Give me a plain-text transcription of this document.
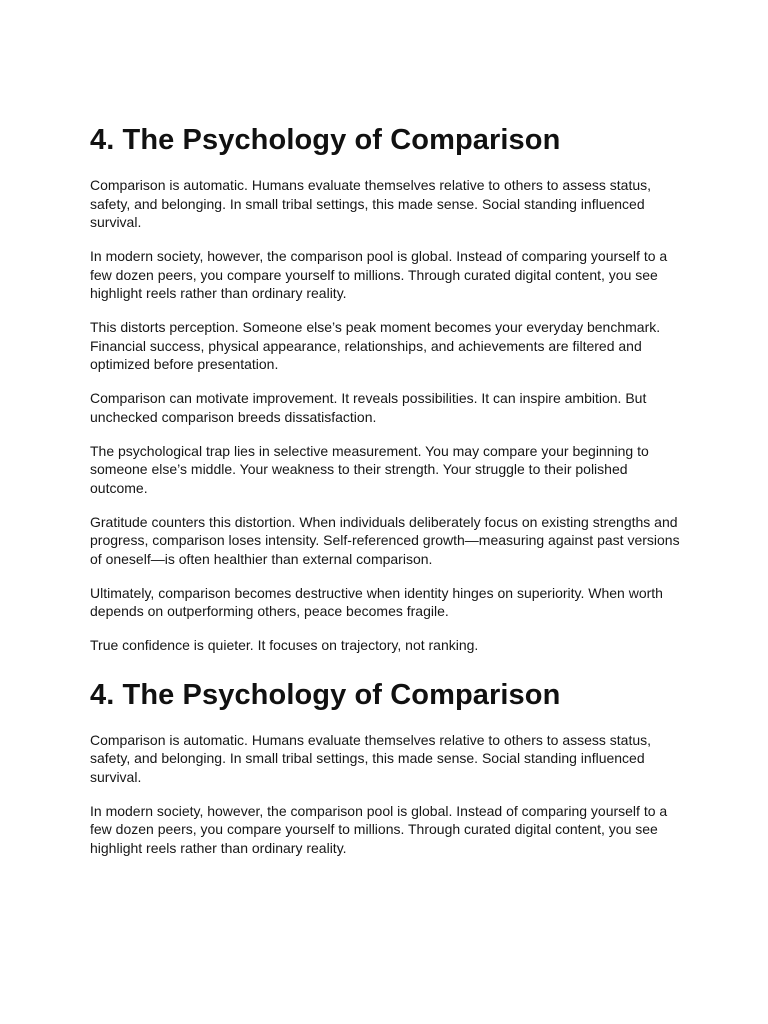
4. The Psychology of Comparison

Comparison is automatic. Humans evaluate themselves relative to others to assess status, safety, and belonging. In small tribal settings, this made sense. Social standing influenced survival.

In modern society, however, the comparison pool is global. Instead of comparing yourself to a few dozen peers, you compare yourself to millions. Through curated digital content, you see highlight reels rather than ordinary reality.

This distorts perception. Someone else’s peak moment becomes your everyday benchmark. Financial success, physical appearance, relationships, and achievements are filtered and optimized before presentation.

Comparison can motivate improvement. It reveals possibilities. It can inspire ambition. But unchecked comparison breeds dissatisfaction.

The psychological trap lies in selective measurement. You may compare your beginning to someone else’s middle. Your weakness to their strength. Your struggle to their polished outcome.

Gratitude counters this distortion. When individuals deliberately focus on existing strengths and progress, comparison loses intensity. Self-referenced growth—measuring against past versions of oneself—is often healthier than external comparison.

Ultimately, comparison becomes destructive when identity hinges on superiority. When worth depends on outperforming others, peace becomes fragile.

True confidence is quieter. It focuses on trajectory, not ranking.

4. The Psychology of Comparison

Comparison is automatic. Humans evaluate themselves relative to others to assess status, safety, and belonging. In small tribal settings, this made sense. Social standing influenced survival.

In modern society, however, the comparison pool is global. Instead of comparing yourself to a few dozen peers, you compare yourself to millions. Through curated digital content, you see highlight reels rather than ordinary reality.
